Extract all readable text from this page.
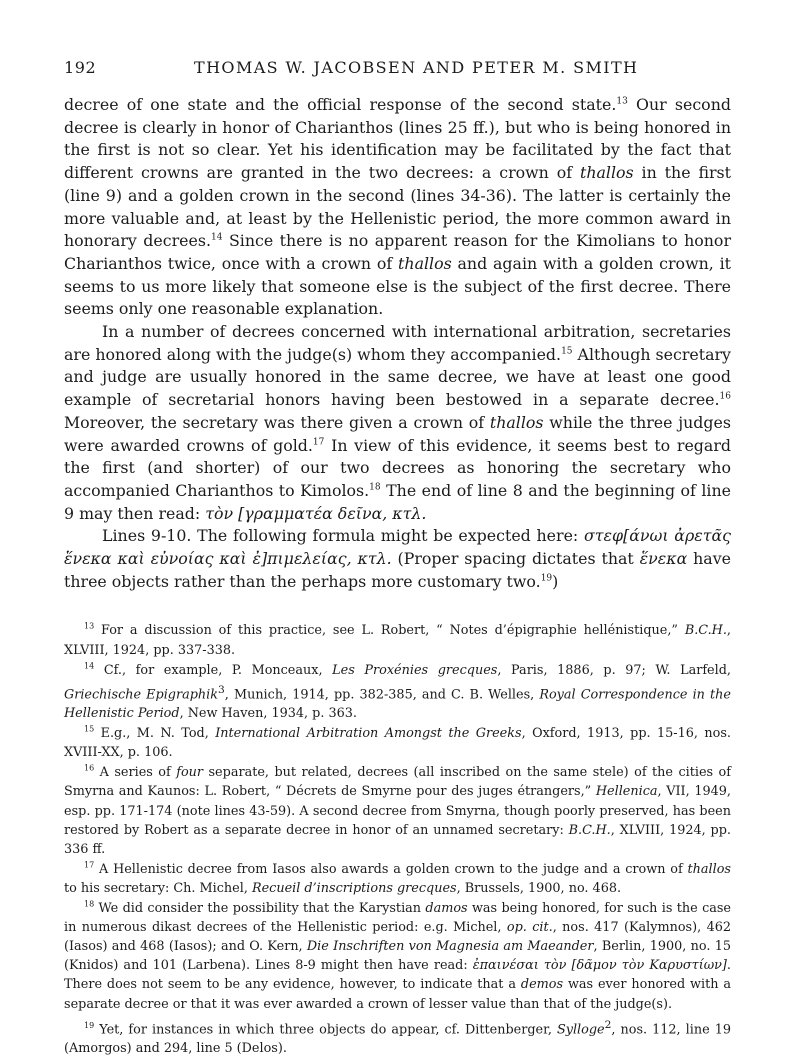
192	THOMAS W. JACOBSEN AND PETER M. SMITH

decree of one state and the official response of the second state.$^{13}$ Our second decree is clearly in honor of Charianthos (lines 25 ff.), but who is being honored in the first is not so clear. Yet his identification may be facilitated by the fact that different crowns are granted in the two decrees: a crown of thallos in the first (line 9) and a golden crown in the second (lines 34-36). The latter is certainly the more valuable and, at least by the Hellenistic period, the more common award in honorary decrees.$^{14}$ Since there is no apparent reason for the Kimolians to honor Charianthos twice, once with a crown of thallos and again with a golden crown, it seems to us more likely that someone else is the subject of the first decree. There seems only one reasonable explanation.

In a number of decrees concerned with international arbitration, secretaries are honored along with the judge(s) whom they accompanied.$^{15}$ Although secretary and judge are usually honored in the same decree, we have at least one good example of secretarial honors having been bestowed in a separate decree.$^{16}$ Moreover, the secretary was there given a crown of thallos while the three judges were awarded crowns of gold.$^{17}$ In view of this evidence, it seems best to regard the first (and shorter) of our two decrees as honoring the secretary who accompanied Charianthos to Kimolos.$^{18}$ The end of line 8 and the beginning of line 9 may then read: τὸν [γραμματέα δεῖνα, κτλ.

Lines 9-10. The following formula might be expected here: στεφ[άνωι ἀρετᾶς ἕνεκα καὶ εὐνοίας καὶ ἐ]πιμελείας, κτλ. (Proper spacing dictates that ἕνεκα have three objects rather than the perhaps more customary two.$^{19}$)

$^{13}$ For a discussion of this practice, see L. Robert, “ Notes d’épigraphie hellénistique,” B.C.H., XLVIII, 1924, pp. 337-338.

$^{14}$ Cf., for example, P. Monceaux, Les Proxénies grecques, Paris, 1886, p. 97; W. Larfeld, Griechische Epigraphik$^3$, Munich, 1914, pp. 382-385, and C. B. Welles, Royal Correspondence in the Hellenistic Period, New Haven, 1934, p. 363.

$^{15}$ E.g., M. N. Tod, International Arbitration Amongst the Greeks, Oxford, 1913, pp. 15-16, nos. XVIII-XX, p. 106.

$^{16}$ A series of four separate, but related, decrees (all inscribed on the same stele) of the cities of Smyrna and Kaunos: L. Robert, “ Décrets de Smyrne pour des juges étrangers,” Hellenica, VII, 1949, esp. pp. 171-174 (note lines 43-59). A second decree from Smyrna, though poorly preserved, has been restored by Robert as a separate decree in honor of an unnamed secretary: B.C.H., XLVIII, 1924, pp. 336 ff.

$^{17}$ A Hellenistic decree from Iasos also awards a golden crown to the judge and a crown of thallos to his secretary: Ch. Michel, Recueil d’inscriptions grecques, Brussels, 1900, no. 468.

$^{18}$ We did consider the possibility that the Karystian damos was being honored, for such is the case in numerous dikast decrees of the Hellenistic period: e.g. Michel, op. cit., nos. 417 (Kalymnos), 462 (Iasos) and 468 (Iasos); and O. Kern, Die Inschriften von Magnesia am Maeander, Berlin, 1900, no. 15 (Knidos) and 101 (Larbena). Lines 8-9 might then have read: ἐπαινέσαι τὸν [δᾶμον τὸν Καρυστίων]. There does not seem to be any evidence, however, to indicate that a demos was ever honored with a separate decree or that it was ever awarded a crown of lesser value than that of the judge(s).

$^{19}$ Yet, for instances in which three objects do appear, cf. Dittenberger, Sylloge$^2$, nos. 112, line 19 (Amorgos) and 294, line 5 (Delos).
